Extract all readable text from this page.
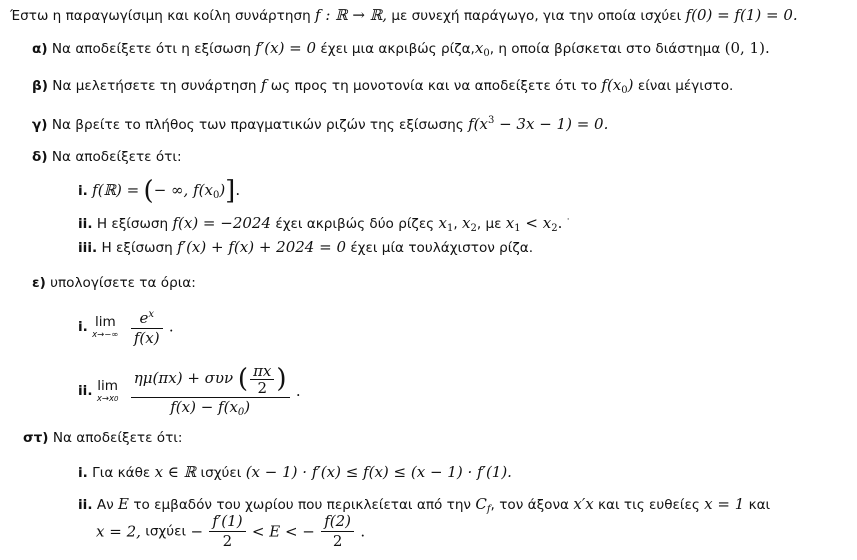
Έστω η παραγωγίσιμη και κοίλη συνάρτηση f : ℝ → ℝ, με συνεχή παράγωγο, για την οποία ισχύει f(0) = f(1) = 0.
α) Να αποδείξετε ότι η εξίσωση f′(x) = 0 έχει μια ακριβώς $\rho ί\zeta\alpha,x_0$, η οποία βρίσκεται στο διάστημα (0, 1).
β) Να μελετήσετε τη συνάρτηση f ως προς τη μονοτονία και να αποδείξετε ότι το $f(x_0)$ είναι μέγιστο.
γ) Να βρείτε το πλήθος των πραγματικών ριζών της εξίσωσης $f(x^3 - 3x - 1) = 0$.
δ) Να αποδείξετε ότι:
i. f(ℝ) = (− ∞, $f(x_0)$].
ii. Η εξίσωση f(x) = −2024 έχει ακριβώς δύο ρίζες $x_1$, $x_2$, με $x_1 < x_2$. ·
iii. Η εξίσωση f′(x) + f(x) + 2024 = 0 έχει μία τουλάχιστον ρίζα.
ε) υπολογίσετε τα όρια:
i. lim
x→−∞
$\frac{e^x}{f(x)}$ .
ii. lim
x→x0
$\frac{\eta\mu(\pi x) + \sigma\upsilon\nu ( \frac{\pi x}{2} )}{f(x) - f(x_0)}$ .
στ) Να αποδείξετε ότι:
i. Για κάθε x ∈ ℝ ισχύει (x − 1) · f′(x) ≤ f(x) ≤ (x − 1) · f′(1).
ii. Αν E το εμβαδόν του χωρίου που περικλείεται από την $C_f$, τον άξονα x′x και τις ευθείες x = 1 και
x = 2, $\iota\sigma\chi ύ\varepsilon\iota - \frac{f'(1)}{2} < E$ < − $\frac{f(2)}{2}$ .
